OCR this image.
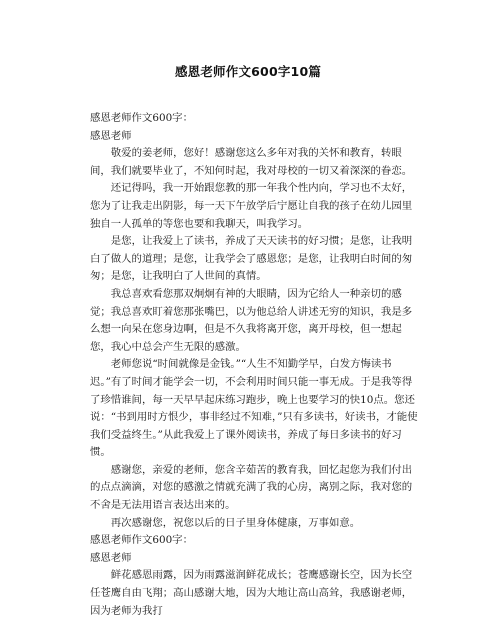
感恩老师作文600字10篇

感恩老师作文600字：

感恩老师

敬爱的姜老师，您好！感谢您这么多年对我的关怀和教育，转眼间，我们就要毕业了，不知何时起，我对母校的一切又着深深的眷恋。

还记得吗，我一开始跟您教的那一年我个性内向，学习也不太好，您为了让我走出阴影，每一天下午放学后宁愿让自我的孩子在幼儿园里独自一人孤单的等您也要和我聊天，叫我学习。

是您，让我爱上了读书，养成了天天读书的好习惯；是您，让我明白了做人的道理；是您，让我学会了感恩您；是您，让我明白时间的匆匆；是您，让我明白了人世间的真情。

我总喜欢看您那双炯炯有神的大眼睛，因为它给人一种亲切的感觉；我总喜欢盯着您那张嘴巴，以为他总给人讲述无穷的知识，我是多么想一向呆在您身边啊，但是不久我将离开您，离开母校，但一想起您，我心中总会产生无限的感激。

老师您说“时间就像是金钱。”“人生不知勤学早，白发方悔读书迟。”有了时间才能学会一切，不会利用时间只能一事无成。于是我等得了珍惜谁间，每一天早早起床练习跑步，晚上也要学习的快10点。您还说：“书到用时方恨少，事非经过不知难，”只有多读书，好读书，才能使我们受益终生。”从此我爱上了课外阅读书，养成了每日多读书的好习惯。

感谢您，亲爱的老师，您含辛茹苦的教育我，回忆起您为我们付出的点点滴滴，对您的感激之情就充满了我的心房，离别之际，我对您的不舍是无法用语言表达出来的。

再次感谢您，祝您以后的日子里身体健康，万事如意。

感恩老师作文600字：

感恩老师

鲜花感恩雨露，因为雨露滋润鲜花成长；苍鹰感谢长空，因为长空任苍鹰自由飞翔；高山感谢大地，因为大地让高山高耸，我感谢老师，因为老师为我打
